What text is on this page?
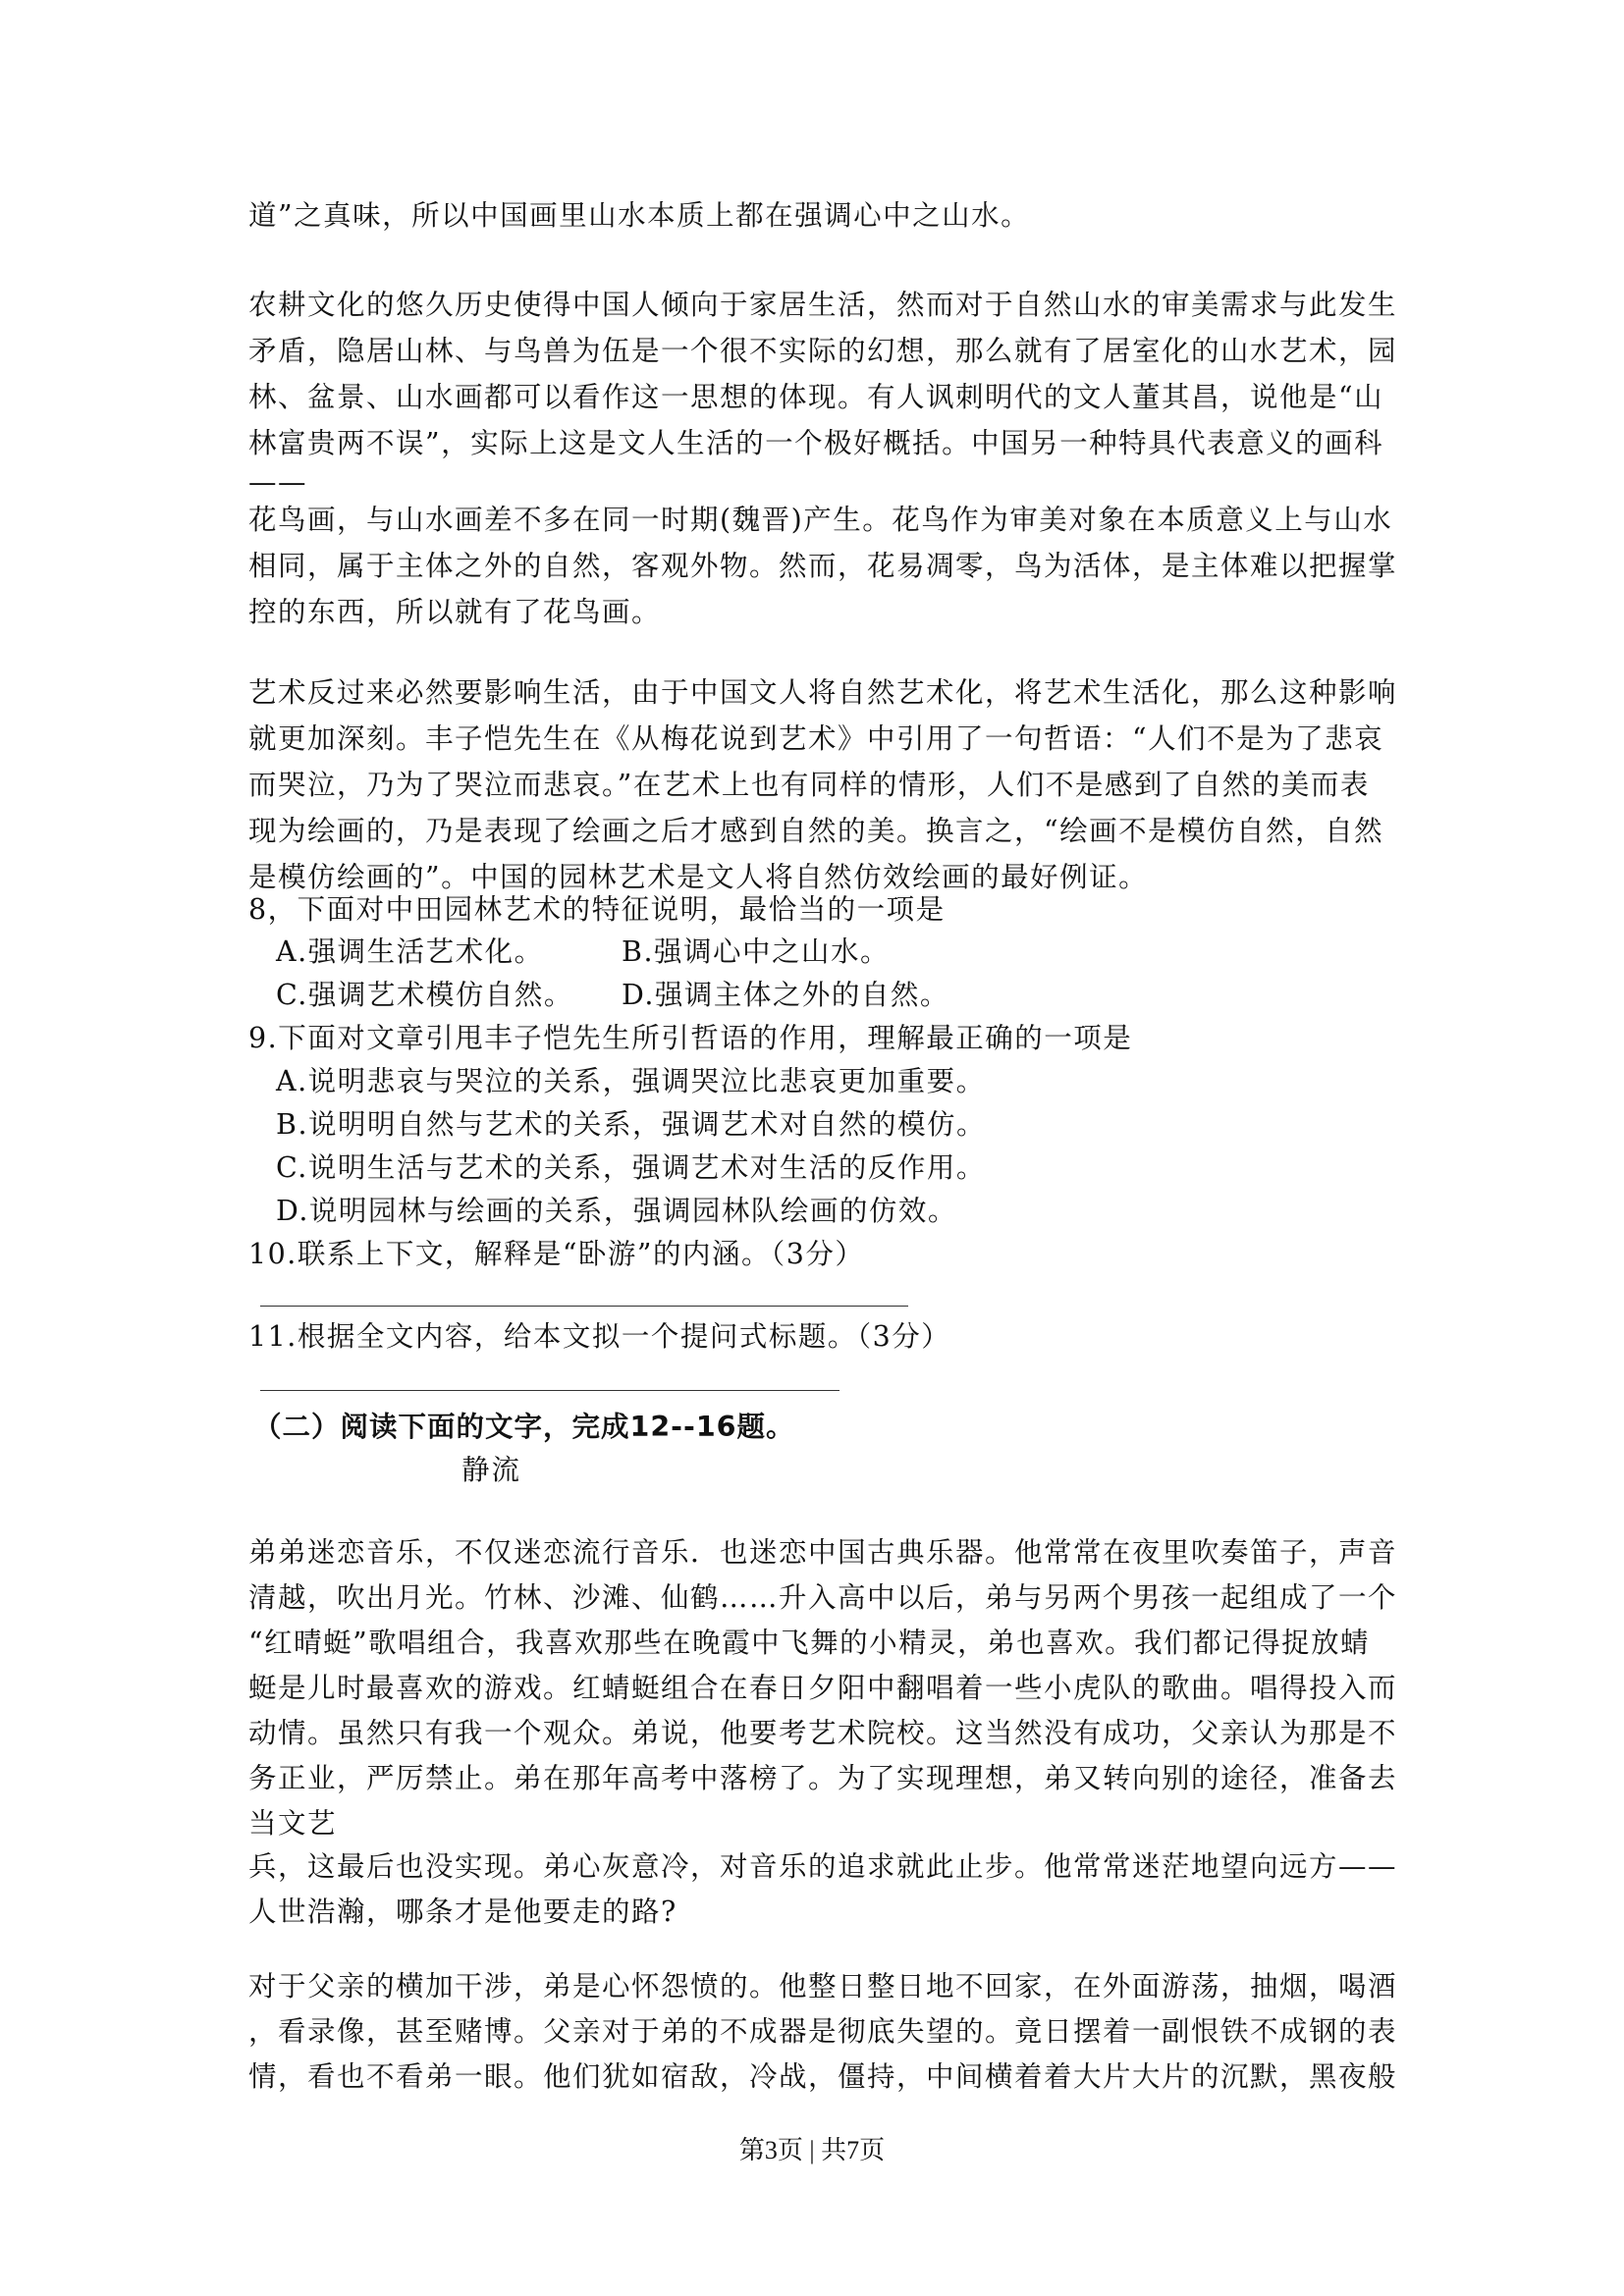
道”之真味，所以中国画里山水本质上都在强调心中之山水。
农耕文化的悠久历史使得中国人倾向于家居生活，然而对于自然山水的审美需求与此发生
矛盾，隐居山林、与鸟兽为伍是一个很不实际的幻想，那么就有了居室化的山水艺术，园
林、盆景、山水画都可以看作这一思想的体现。有人讽刺明代的文人董其昌，说他是“山
林富贵两不误”，实际上这是文人生活的一个极好概括。中国另一种特具代表意义的画科
——
花鸟画，与山水画差不多在同一时期(魏晋)产生。花鸟作为审美对象在本质意义上与山水
相同，属于主体之外的自然，客观外物。然而，花易凋零，鸟为活体，是主体难以把握掌
控的东西，所以就有了花鸟画。
艺术反过来必然要影响生活，由于中国文人将自然艺术化，将艺术生活化，那么这种影响
就更加深刻。丰子恺先生在《从梅花说到艺术》中引用了一句哲语：“人们不是为了悲哀
而哭泣，乃为了哭泣而悲哀。”在艺术上也有同样的情形，人们不是感到了自然的美而表
现为绘画的，乃是表现了绘画之后才感到自然的美。换言之，“绘画不是模仿自然，自然
是模仿绘画的”。中国的园林艺术是文人将自然仿效绘画的最好例证。
8，下面对中田园林艺术的特征说明，最恰当的一项是
A.强调生活艺术化。	B.强调心中之山水。
C.强调艺术模仿自然。 D.强调主体之外的自然。
9.下面对文章引甩丰子恺先生所引哲语的作用，理解最正确的一项是
A.说明悲哀与哭泣的关系，强调哭泣比悲哀更加重要。
B.说明明自然与艺术的关系，强调艺术对自然的模仿。
C.说明生活与艺术的关系，强调艺术对生活的反作用。
D.说明园林与绘画的关系，强调园林队绘画的仿效。
10.联系上下文，解释是“卧游”的内涵。（3分）
11.根据全文内容，给本文拟一个提问式标题。（3分）
（二）阅读下面的文字，完成12--16题。
静流
弟弟迷恋音乐，不仅迷恋流行音乐．也迷恋中国古典乐器。他常常在夜里吹奏笛子，声音
清越，吹出月光。竹林、沙滩、仙鹤……升入高中以后，弟与另两个男孩一起组成了一个
“红晴蜓”歌唱组合，我喜欢那些在晚霞中飞舞的小精灵，弟也喜欢。我们都记得捉放蜻
蜓是儿时最喜欢的游戏。红蜻蜓组合在春日夕阳中翻唱着一些小虎队的歌曲。唱得投入而
动情。虽然只有我一个观众。弟说，他要考艺术院校。这当然没有成功，父亲认为那是不
务正业，严厉禁止。弟在那年高考中落榜了。为了实现理想，弟又转向别的途径，准备去
当文艺
兵，这最后也没实现。弟心灰意冷，对音乐的追求就此止步。他常常迷茫地望向远方——
人世浩瀚，哪条才是他要走的路?
对于父亲的横加干涉，弟是心怀怨愤的。他整日整日地不回家，在外面游荡，抽烟，喝酒
，看录像，甚至赌博。父亲对于弟的不成器是彻底失望的。竟日摆着一副恨铁不成钢的表
情，看也不看弟一眼。他们犹如宿敌，冷战，僵持，中间横着着大片大片的沉默，黑夜般
第3页 | 共7页
